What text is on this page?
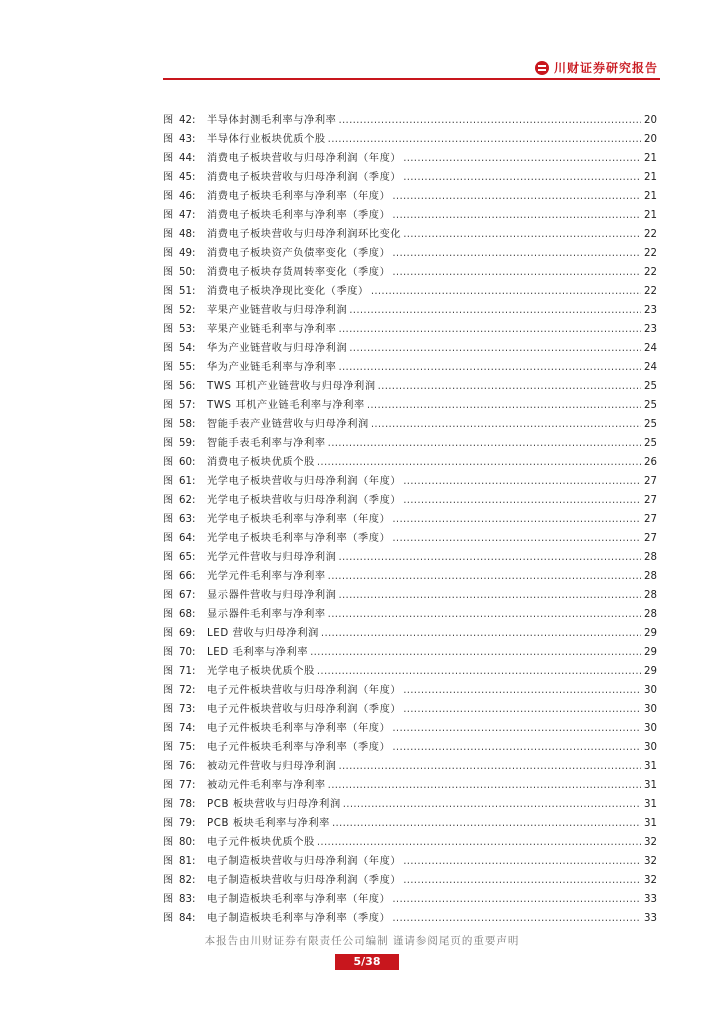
川财证券研究报告
图 42:	半导体封测毛利率与净利率 .....	20
图 43:	半导体行业板块优质个股 .....	20
图 44:	消费电子板块营收与归母净利润（年度） .....	21
图 45:	消费电子板块营收与归母净利润（季度） .....	21
图 46:	消费电子板块毛利率与净利率（年度） .....	21
图 47:	消费电子板块毛利率与净利率（季度） .....	21
图 48:	消费电子板块营收与归母净利润环比变化 .....	22
图 49:	消费电子板块资产负债率变化（季度） .....	22
图 50:	消费电子板块存货周转率变化（季度） .....	22
图 51:	消费电子板块净现比变化（季度） .....	22
图 52:	苹果产业链营收与归母净利润 .....	23
图 53:	苹果产业链毛利率与净利率 .....	23
图 54:	华为产业链营收与归母净利润 .....	24
图 55:	华为产业链毛利率与净利率 .....	24
图 56:	TWS 耳机产业链营收与归母净利润 .....	25
图 57:	TWS 耳机产业链毛利率与净利率 .....	25
图 58:	智能手表产业链营收与归母净利润 .....	25
图 59:	智能手表毛利率与净利率 .....	25
图 60:	消费电子板块优质个股 .....	26
图 61:	光学电子板块营收与归母净利润（年度） .....	27
图 62:	光学电子板块营收与归母净利润（季度） .....	27
图 63:	光学电子板块毛利率与净利率（年度） .....	27
图 64:	光学电子板块毛利率与净利率（季度） .....	27
图 65:	光学元件营收与归母净利润 .....	28
图 66:	光学元件毛利率与净利率 .....	28
图 67:	显示器件营收与归母净利润 .....	28
图 68:	显示器件毛利率与净利率 .....	28
图 69:	LED 营收与归母净利润 .....	29
图 70:	LED 毛利率与净利率 .....	29
图 71:	光学电子板块优质个股 .....	29
图 72:	电子元件板块营收与归母净利润（年度） .....	30
图 73:	电子元件板块营收与归母净利润（季度） .....	30
图 74:	电子元件板块毛利率与净利率（年度） .....	30
图 75:	电子元件板块毛利率与净利率（季度） .....	30
图 76:	被动元件营收与归母净利润 .....	31
图 77:	被动元件毛利率与净利率 .....	31
图 78:	PCB 板块营收与归母净利润 .....	31
图 79:	PCB 板块毛利率与净利率 .....	31
图 80:	电子元件板块优质个股 .....	32
图 81:	电子制造板块营收与归母净利润（年度） .....	32
图 82:	电子制造板块营收与归母净利润（季度） .....	32
图 83:	电子制造板块毛利率与净利率（年度） .....	33
图 84:	电子制造板块毛利率与净利率（季度） .....	33
本报告由川财证券有限责任公司编制 谨请参阅尾页的重要声明
5/38
